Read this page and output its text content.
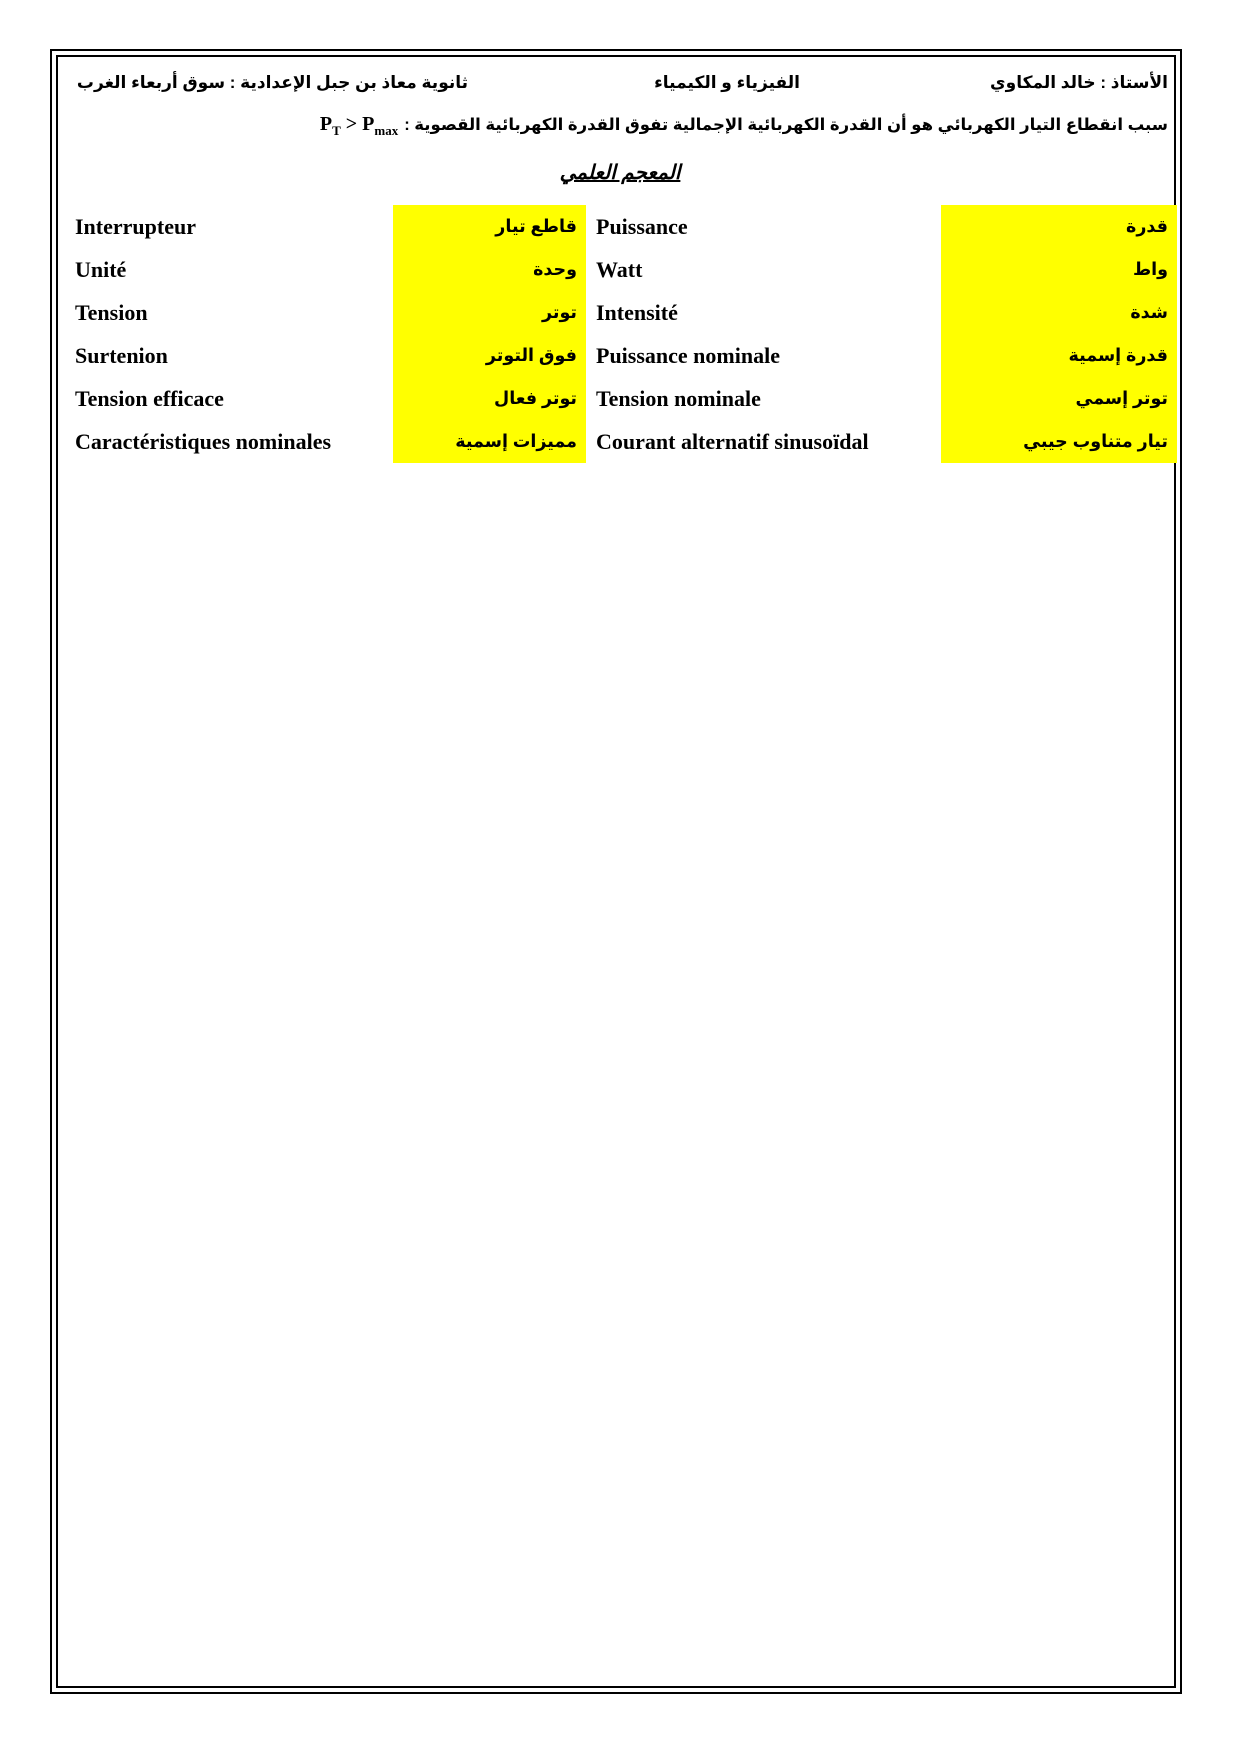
الأستاذ : خالد المكاوي
الفيزياء و الكيمياء
ثانوية معاذ بن جبل الإعدادية : سوق أربعاء الغرب
سبب انقطاع التيار الكهربائي هو أن القدرة الكهربائية الإجمالية تفوق القدرة الكهربائية القصوية :
$P_T > P_{max}$
المعجم العلمي
Interrupteur	قاطع تيار Puissance	قدرة
Unité	وحدة Watt	واط
Tension	توتر Intensité	شدة
Surtenion	فوق التوتر Puissance nominale	قدرة إسمية
Tension efficace	توتر فعال Tension nominale	توتر إسمي
Caractéristiques nominales	مميزات إسمية Courant alternatif sinusoïdal	تيار متناوب جيبي
